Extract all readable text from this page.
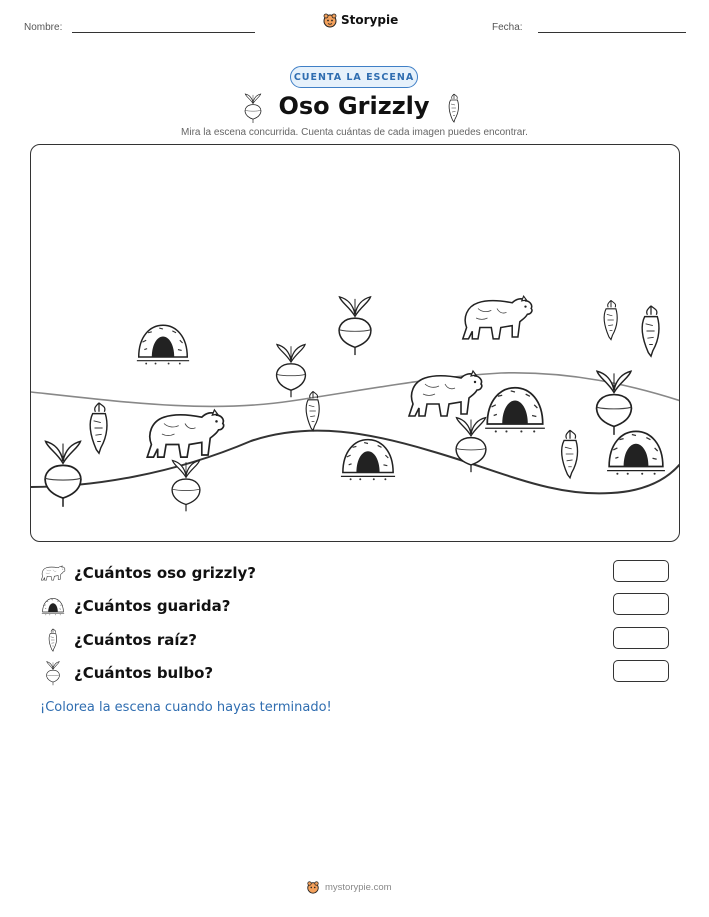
Nombre:
Storypie
Fecha:
CUENTA LA ESCENA
Oso Grizzly
Mira la escena concurrida. Cuenta cuántas de cada imagen puedes encontrar.
¿Cuántos oso grizzly?
¿Cuántos guarida?
¿Cuántos raíz?
¿Cuántos bulbo?
¡Colorea la escena cuando hayas terminado!
mystorypie.com
